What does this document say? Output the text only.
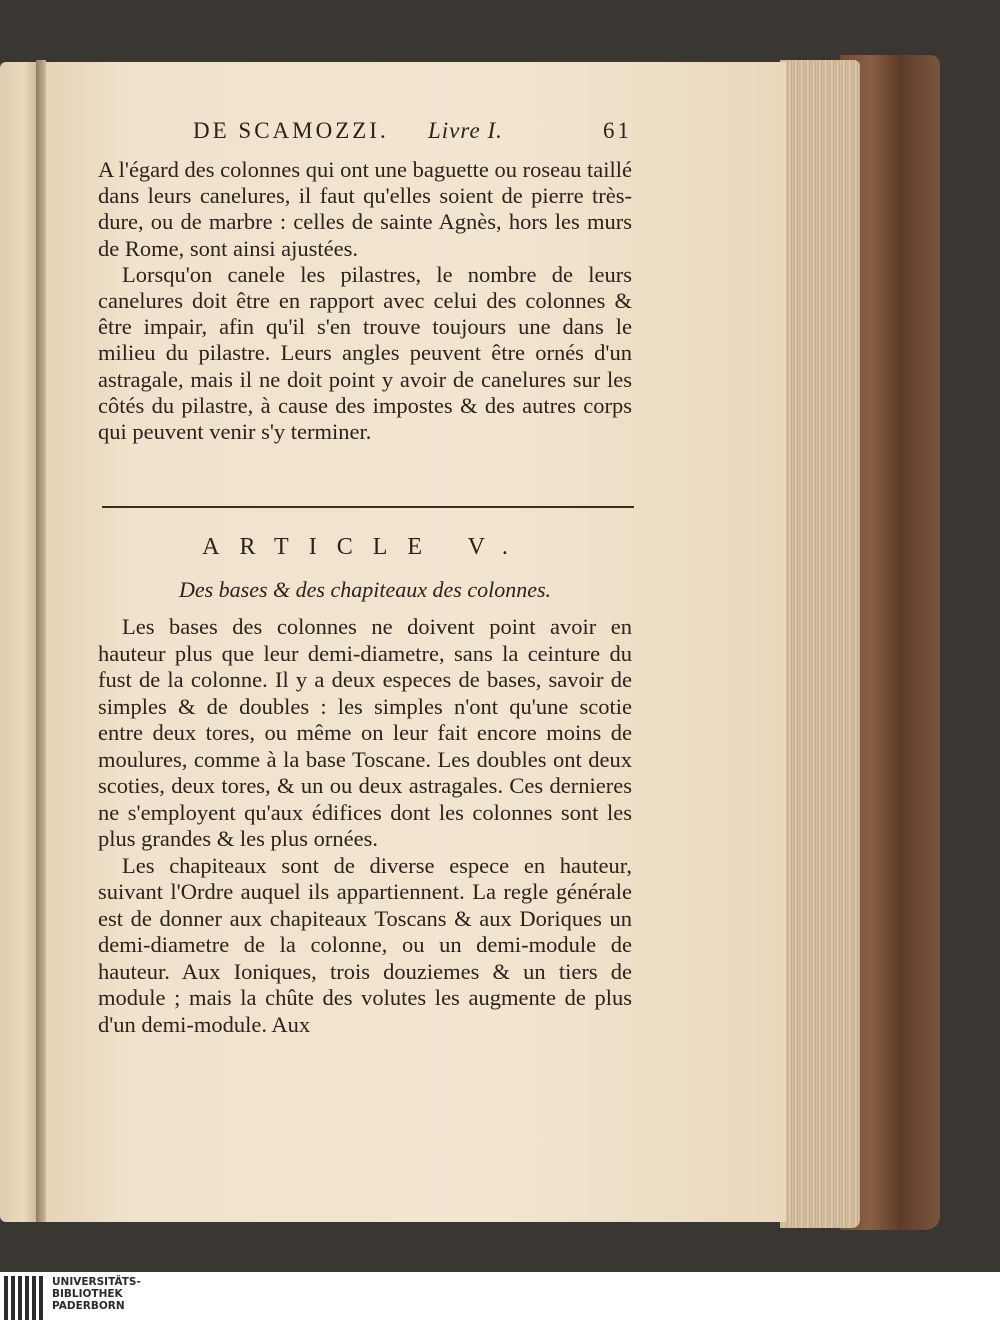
DE SCAMOZZI. Livre I.	61

A l'égard des colonnes qui ont une baguette ou roseau taillé dans leurs canelures, il faut qu'elles soient de pierre très-dure, ou de marbre : celles de sainte Agnès, hors les murs de Rome, sont ainsi ajustées.

Lorsqu'on canele les pilastres, le nombre de leurs canelures doit être en rapport avec celui des colonnes & être impair, afin qu'il s'en trouve toujours une dans le milieu du pilastre. Leurs angles peuvent être ornés d'un astragale, mais il ne doit point y avoir de canelures sur les côtés du pilastre, à cause des impostes & des autres corps qui peuvent venir s'y terminer.

ARTICLE V.
Des bases & des chapiteaux des colonnes.

Les bases des colonnes ne doivent point avoir en hauteur plus que leur demi-diametre, sans la ceinture du fust de la colonne. Il y a deux especes de bases, savoir de simples & de doubles : les simples n'ont qu'une scotie entre deux tores, ou même on leur fait encore moins de moulures, comme à la base Toscane. Les doubles ont deux scoties, deux tores, & un ou deux astragales. Ces dernieres ne s'employent qu'aux édifices dont les colonnes sont les plus grandes & les plus ornées.

Les chapiteaux sont de diverse espece en hauteur, suivant l'Ordre auquel ils appartiennent. La regle générale est de donner aux chapiteaux Toscans & aux Doriques un demi-diametre de la colonne, ou un demi-module de hauteur. Aux Ioniques, trois douziemes & un tiers de module ; mais la chûte des volutes les augmente de plus d'un demi-module. Aux

UNIVERSITÄTS-
BIBLIOTHEK
PADERBORN
